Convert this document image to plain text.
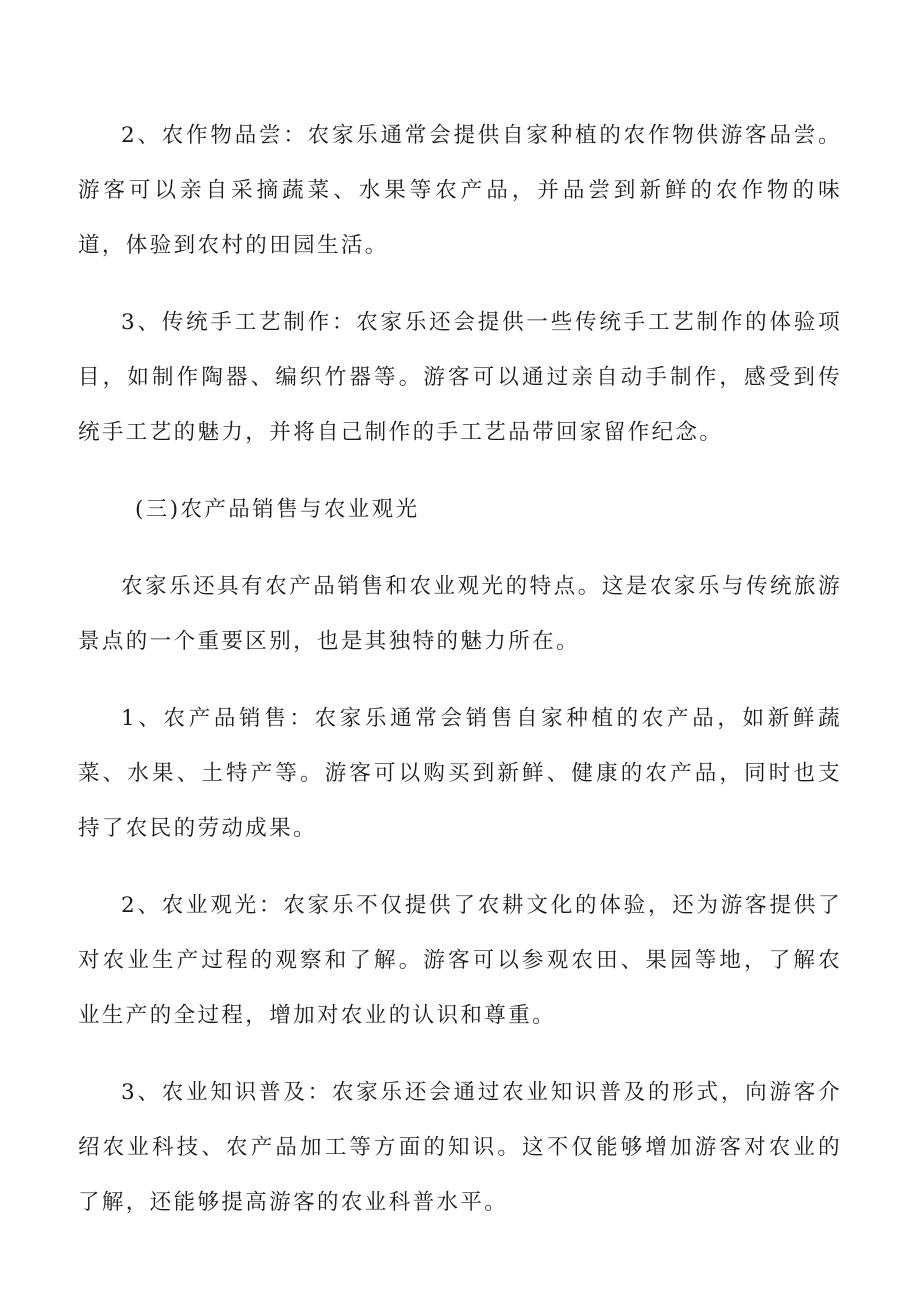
2、农作物品尝：农家乐通常会提供自家种植的农作物供游客品尝。游客可以亲自采摘蔬菜、水果等农产品，并品尝到新鲜的农作物的味道，体验到农村的田园生活。

3、传统手工艺制作：农家乐还会提供一些传统手工艺制作的体验项目，如制作陶器、编织竹器等。游客可以通过亲自动手制作，感受到传统手工艺的魅力，并将自己制作的手工艺品带回家留作纪念。

(三)农产品销售与农业观光

农家乐还具有农产品销售和农业观光的特点。这是农家乐与传统旅游景点的一个重要区别，也是其独特的魅力所在。

1、农产品销售：农家乐通常会销售自家种植的农产品，如新鲜蔬菜、水果、土特产等。游客可以购买到新鲜、健康的农产品，同时也支持了农民的劳动成果。

2、农业观光：农家乐不仅提供了农耕文化的体验，还为游客提供了对农业生产过程的观察和了解。游客可以参观农田、果园等地，了解农业生产的全过程，增加对农业的认识和尊重。

3、农业知识普及：农家乐还会通过农业知识普及的形式，向游客介绍农业科技、农产品加工等方面的知识。这不仅能够增加游客对农业的了解，还能够提高游客的农业科普水平。
